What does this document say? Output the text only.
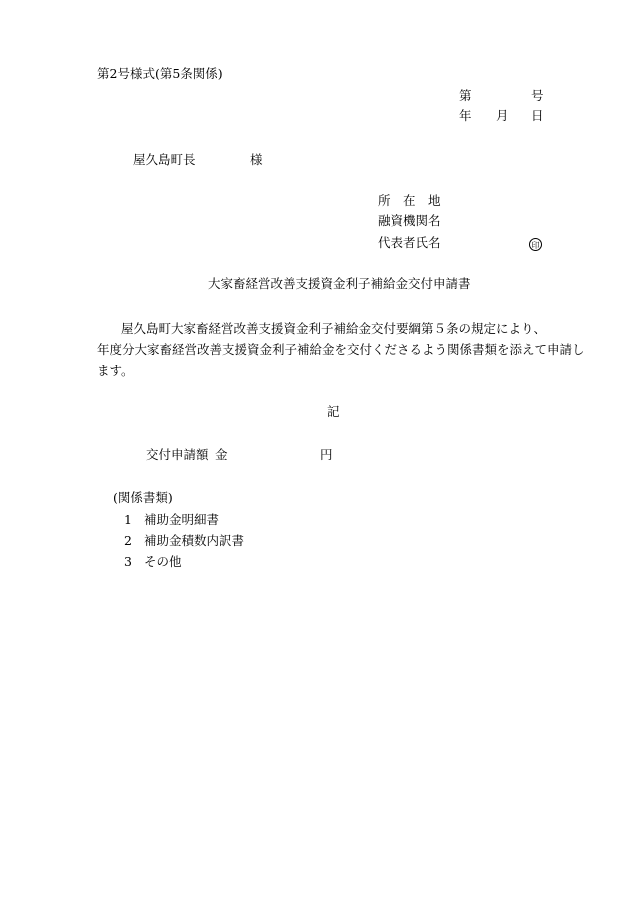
第2号様式(第5条関係)
第	号
年 月 日
屋久島町長	様
所　在　地
融資機関名
代表者氏名	印
大家畜経営改善支援資金利子補給金交付申請書
屋久島町大家畜経営改善支援資金利子補給金交付要綱第５条の規定により、
年度分大家畜経営改善支援資金利子補給金を交付くださるよう関係書類を添えて申請し
ます。
記
交付申請額 金	円
(関係書類)
1 補助金明細書
2 補助金積数内訳書
3 その他
